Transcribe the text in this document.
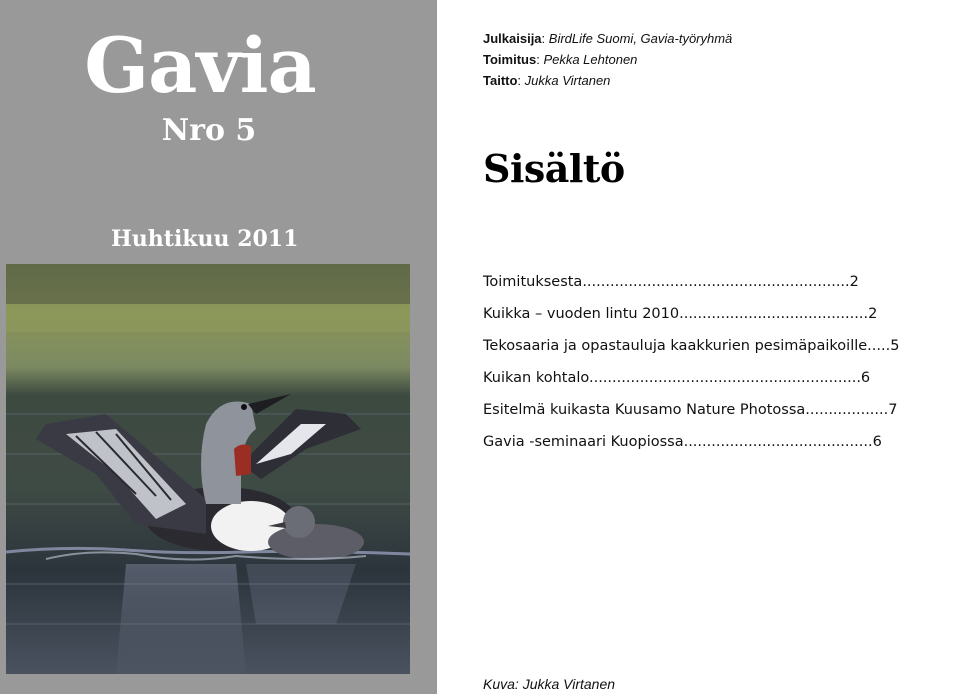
Gavia
Nro 5
Huhtikuu 2011
Julkaisija: BirdLife Suomi, Gavia-työryhmä
Toimitus: Pekka Lehtonen
Taitto: Jukka Virtanen
Sisältö
Toimituksesta..........................................................2
Kuikka – vuoden lintu 2010.........................................2
Tekosaaria ja opastauluja kaakkurien pesimäpaikoille.....5
Kuikan kohtalo...........................................................6
Esitelmä kuikasta Kuusamo Nature Photossa..................7
Gavia -seminaari Kuopiossa.........................................6
Kuva: Jukka Virtanen
